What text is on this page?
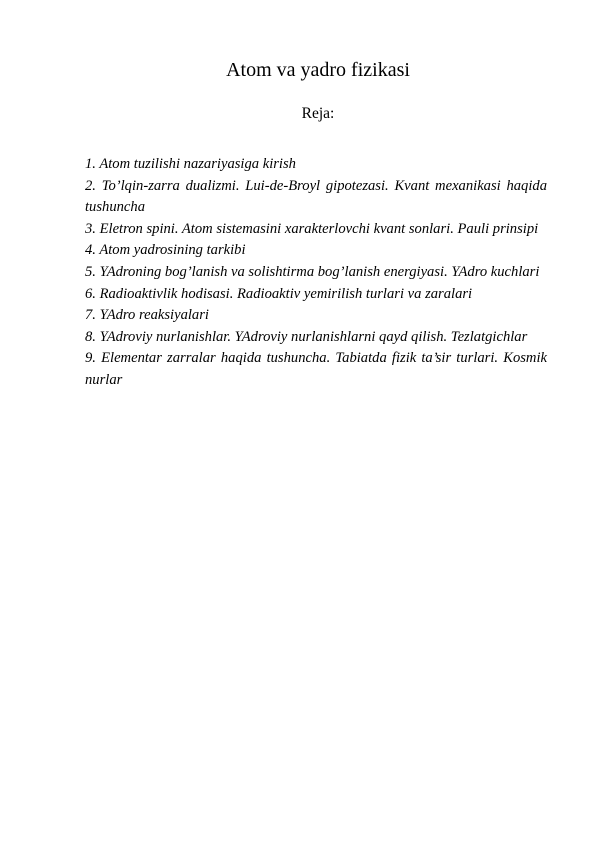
Atom va yadro fizikasi

Reja:

1. Atom tuzilishi nazariyasiga kirish
2. To’lqin-zarra dualizmi. Lui-de-Broyl gipotezasi. Kvant mexanikasi haqida tushuncha
3. Eletron spini. Atom sistemasini xarakterlovchi kvant sonlari. Pauli prinsipi
4. Atom yadrosining tarkibi
5. YAdroning bog’lanish va solishtirma bog’lanish energiyasi. YAdro kuchlari
6. Radioaktivlik hodisasi. Radioaktiv yemirilish turlari va zaralari
7. YAdro reaksiyalari
8. YAdroviy nurlanishlar. YAdroviy nurlanishlarni qayd qilish. Tezlatgichlar
9. Elementar zarralar haqida tushuncha. Tabiatda fizik ta’sir turlari. Kosmik nurlar
